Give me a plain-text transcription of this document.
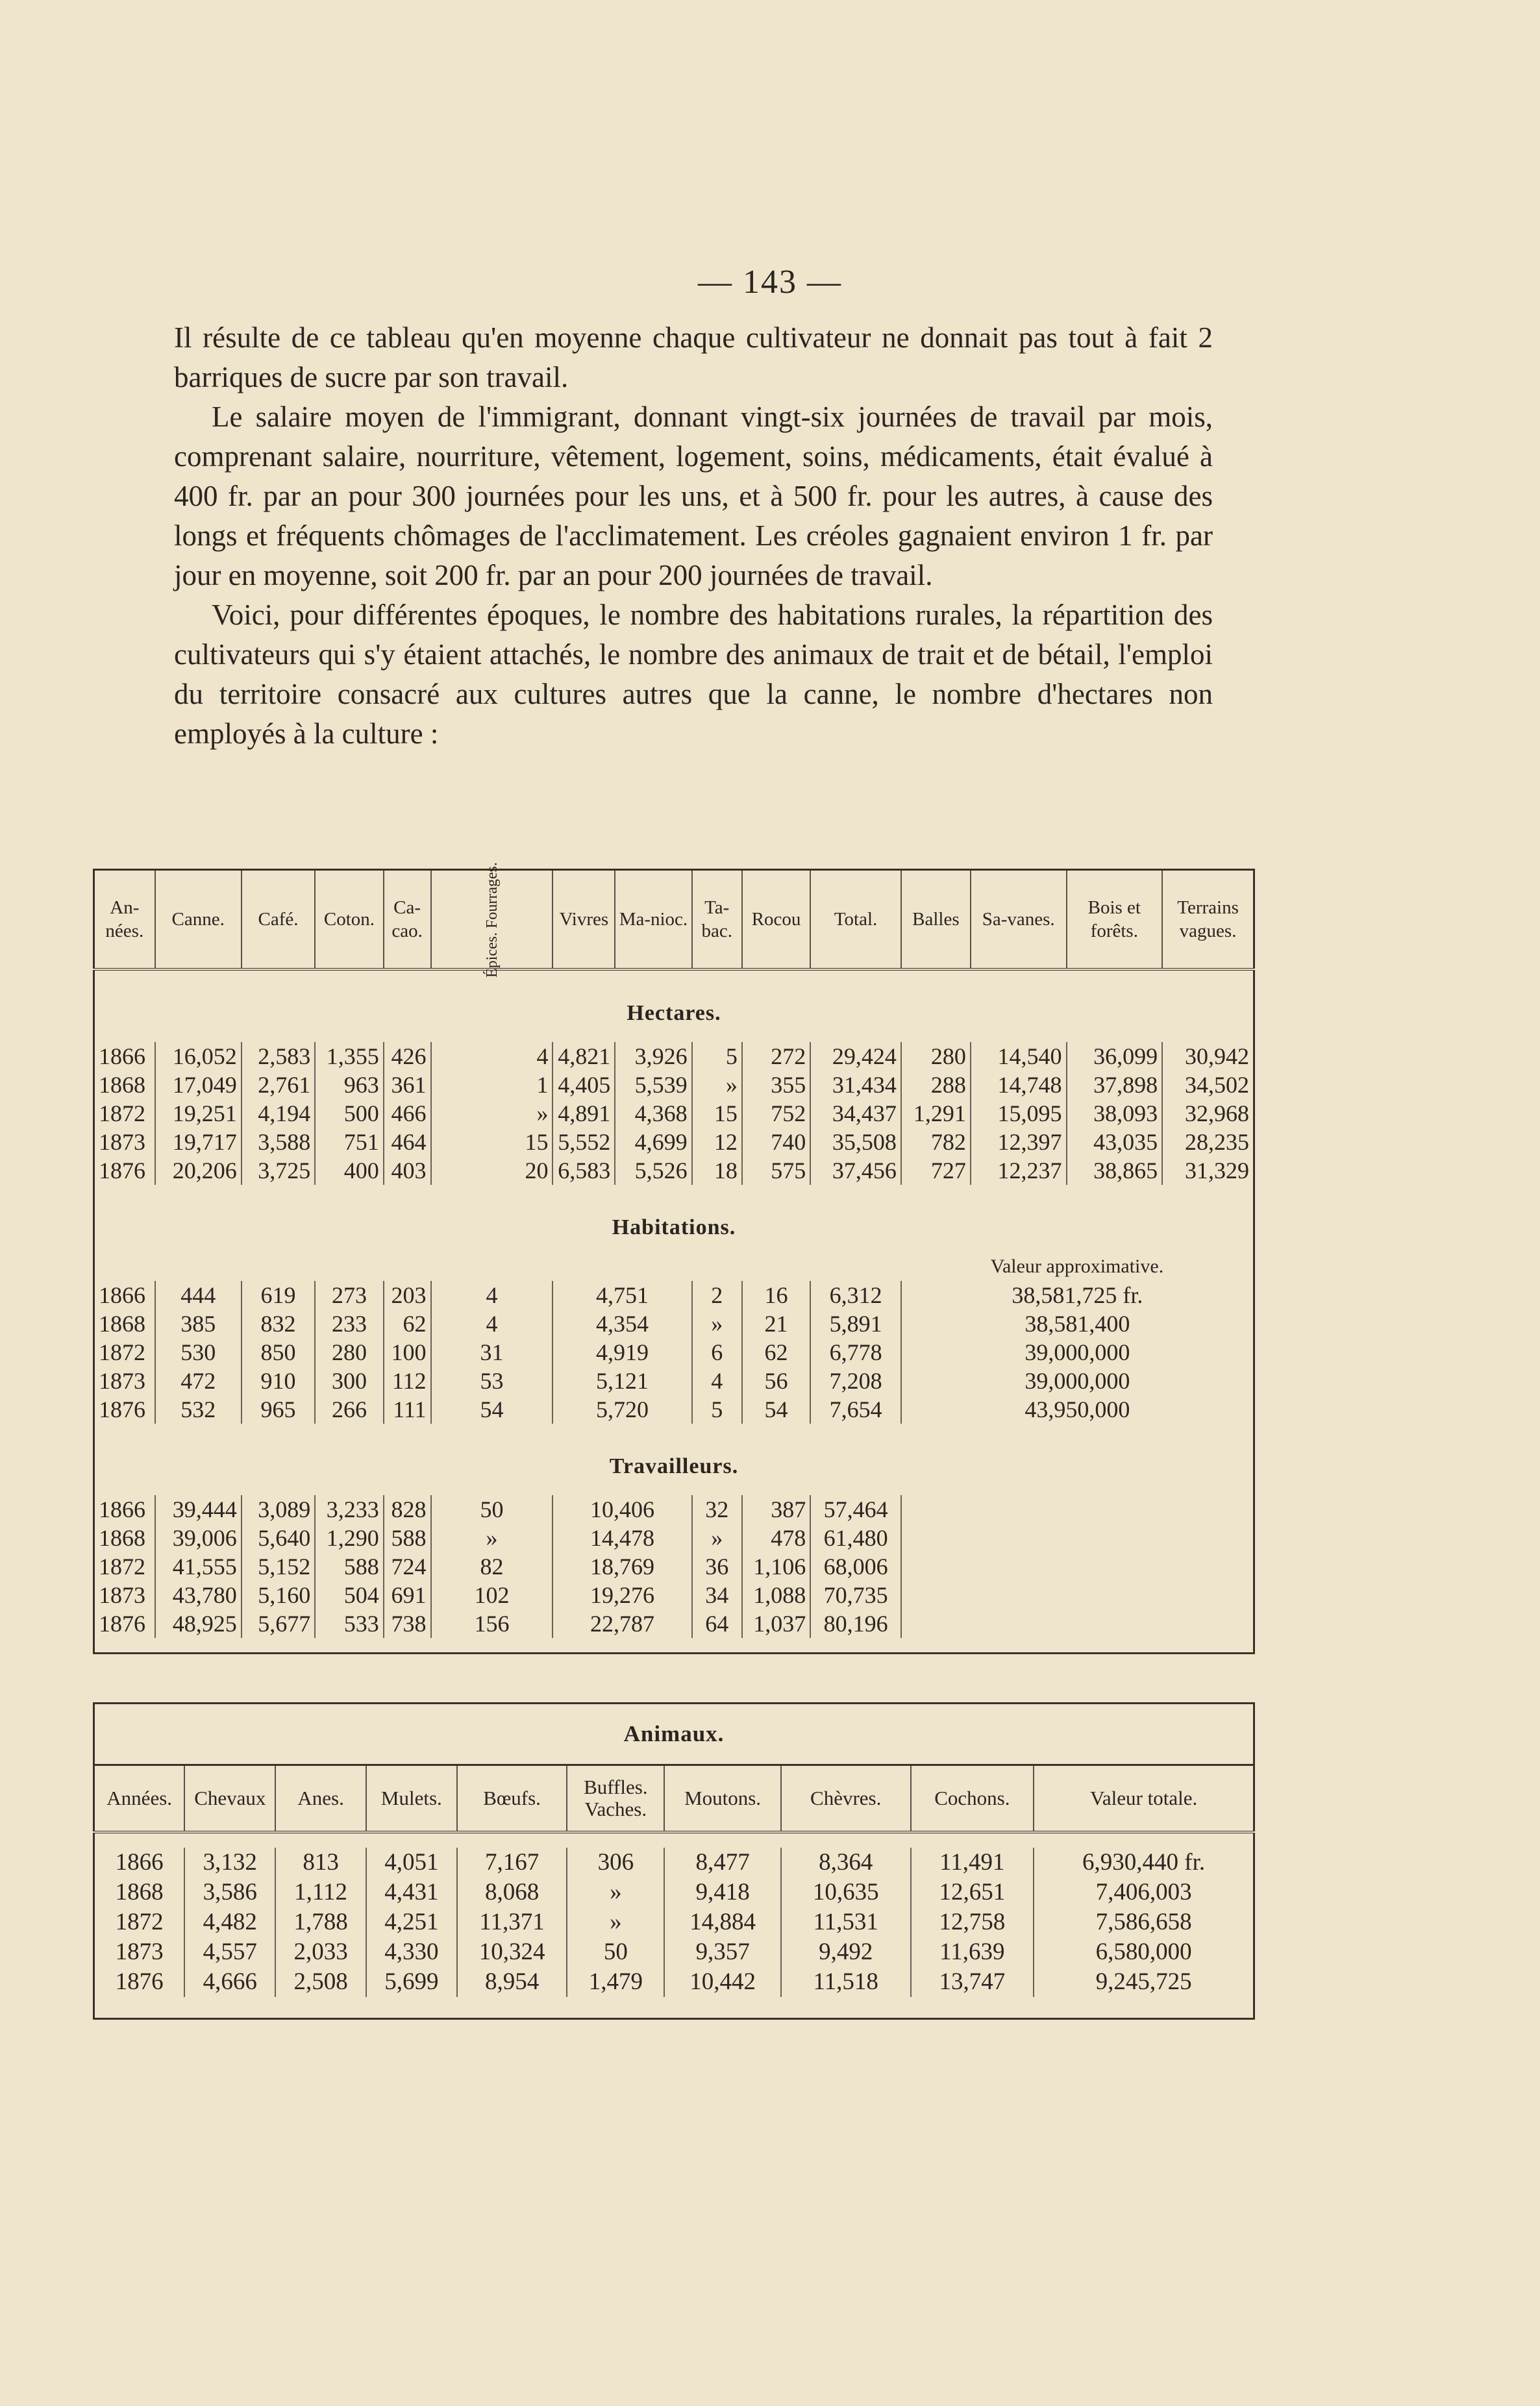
— 143 —

Il résulte de ce tableau qu'en moyenne chaque cultivateur ne donnait pas tout à fait 2 barriques de sucre par son travail.

Le salaire moyen de l'immigrant, donnant vingt-six journées de travail par mois, comprenant salaire, nourriture, vêtement, logement, soins, médicaments, était évalué à 400 fr. par an pour 300 journées pour les uns, et à 500 fr. pour les autres, à cause des longs et fréquents chômages de l'acclimatement. Les créoles gagnaient environ 1 fr. par jour en moyenne, soit 200 fr. par an pour 200 journées de travail.

Voici, pour différentes époques, le nombre des habitations rurales, la répartition des cultivateurs qui s'y étaient attachés, le nombre des animaux de trait et de bétail, l'emploi du territoire consacré aux cultures autres que la canne, le nombre d'hectares non employés à la culture :

An-nées.	Canne.	Café.	Coton.	Ca-cao.	Épices. Fourrages.	Vivres	Ma-nioc.	Ta-bac.	Rocou	Total.	Balles	Sa-vanes.	Bois et forêts.	Terrains vagues.
Hectares.														

1866	16,052	2,583	1,355	426	4	4,821	3,926	5	272	29,424	280	14,540	36,099	30,942
1868	17,049	2,761	963	361	1	4,405	5,539	»	355	31,434	288	14,748	37,898	34,502
1872	19,251	4,194	500	466	»	4,891	4,368	15	752	34,437	1,291	15,095	38,093	32,968
1873	19,717	3,588	751	464	15	5,552	4,699	12	740	35,508	782	12,397	43,035	28,235
1876	20,206	3,725	400	403	20	6,583	5,526	18	575	37,456	727	12,237	38,865	31,329
Habitations.														
											Valeur approximative.			
1866	444	619	273	203	4	4,751		2	16	6,312	38,581,725 fr.			
1868	385	832	233	62	4	4,354		»	21	5,891	38,581,400			
1872	530	850	280	100	31	4,919		6	62	6,778	39,000,000			
1873	472	910	300	112	53	5,121		4	56	7,208	39,000,000			
1876	532	965	266	111	54	5,720		5	54	7,654	43,950,000			
Travailleurs.														

1866	39,444	3,089	3,233	828	50	10,406		32	387	57,464				
1868	39,006	5,640	1,290	588	»	14,478		»	478	61,480				
1872	41,555	5,152	588	724	82	18,769		36	1,106	68,006				
1873	43,780	5,160	504	691	102	19,276		34	1,088	70,735				
1876	48,925	5,677	533	738	156	22,787		64	1,037	80,196				

Animaux.									
Années.	Chevaux	Anes.	Mulets.	Bœufs.	Buffles. Vaches.	Moutons.	Chèvres.	Cochons.	Valeur totale.

1866	3,132	813	4,051	7,167	306	8,477	8,364	11,491	6,930,440 fr.
1868	3,586	1,112	4,431	8,068	»	9,418	10,635	12,651	7,406,003
1872	4,482	1,788	4,251	11,371	»	14,884	11,531	12,758	7,586,658
1873	4,557	2,033	4,330	10,324	50	9,357	9,492	11,639	6,580,000
1876	4,666	2,508	5,699	8,954	1,479	10,442	11,518	13,747	9,245,725
